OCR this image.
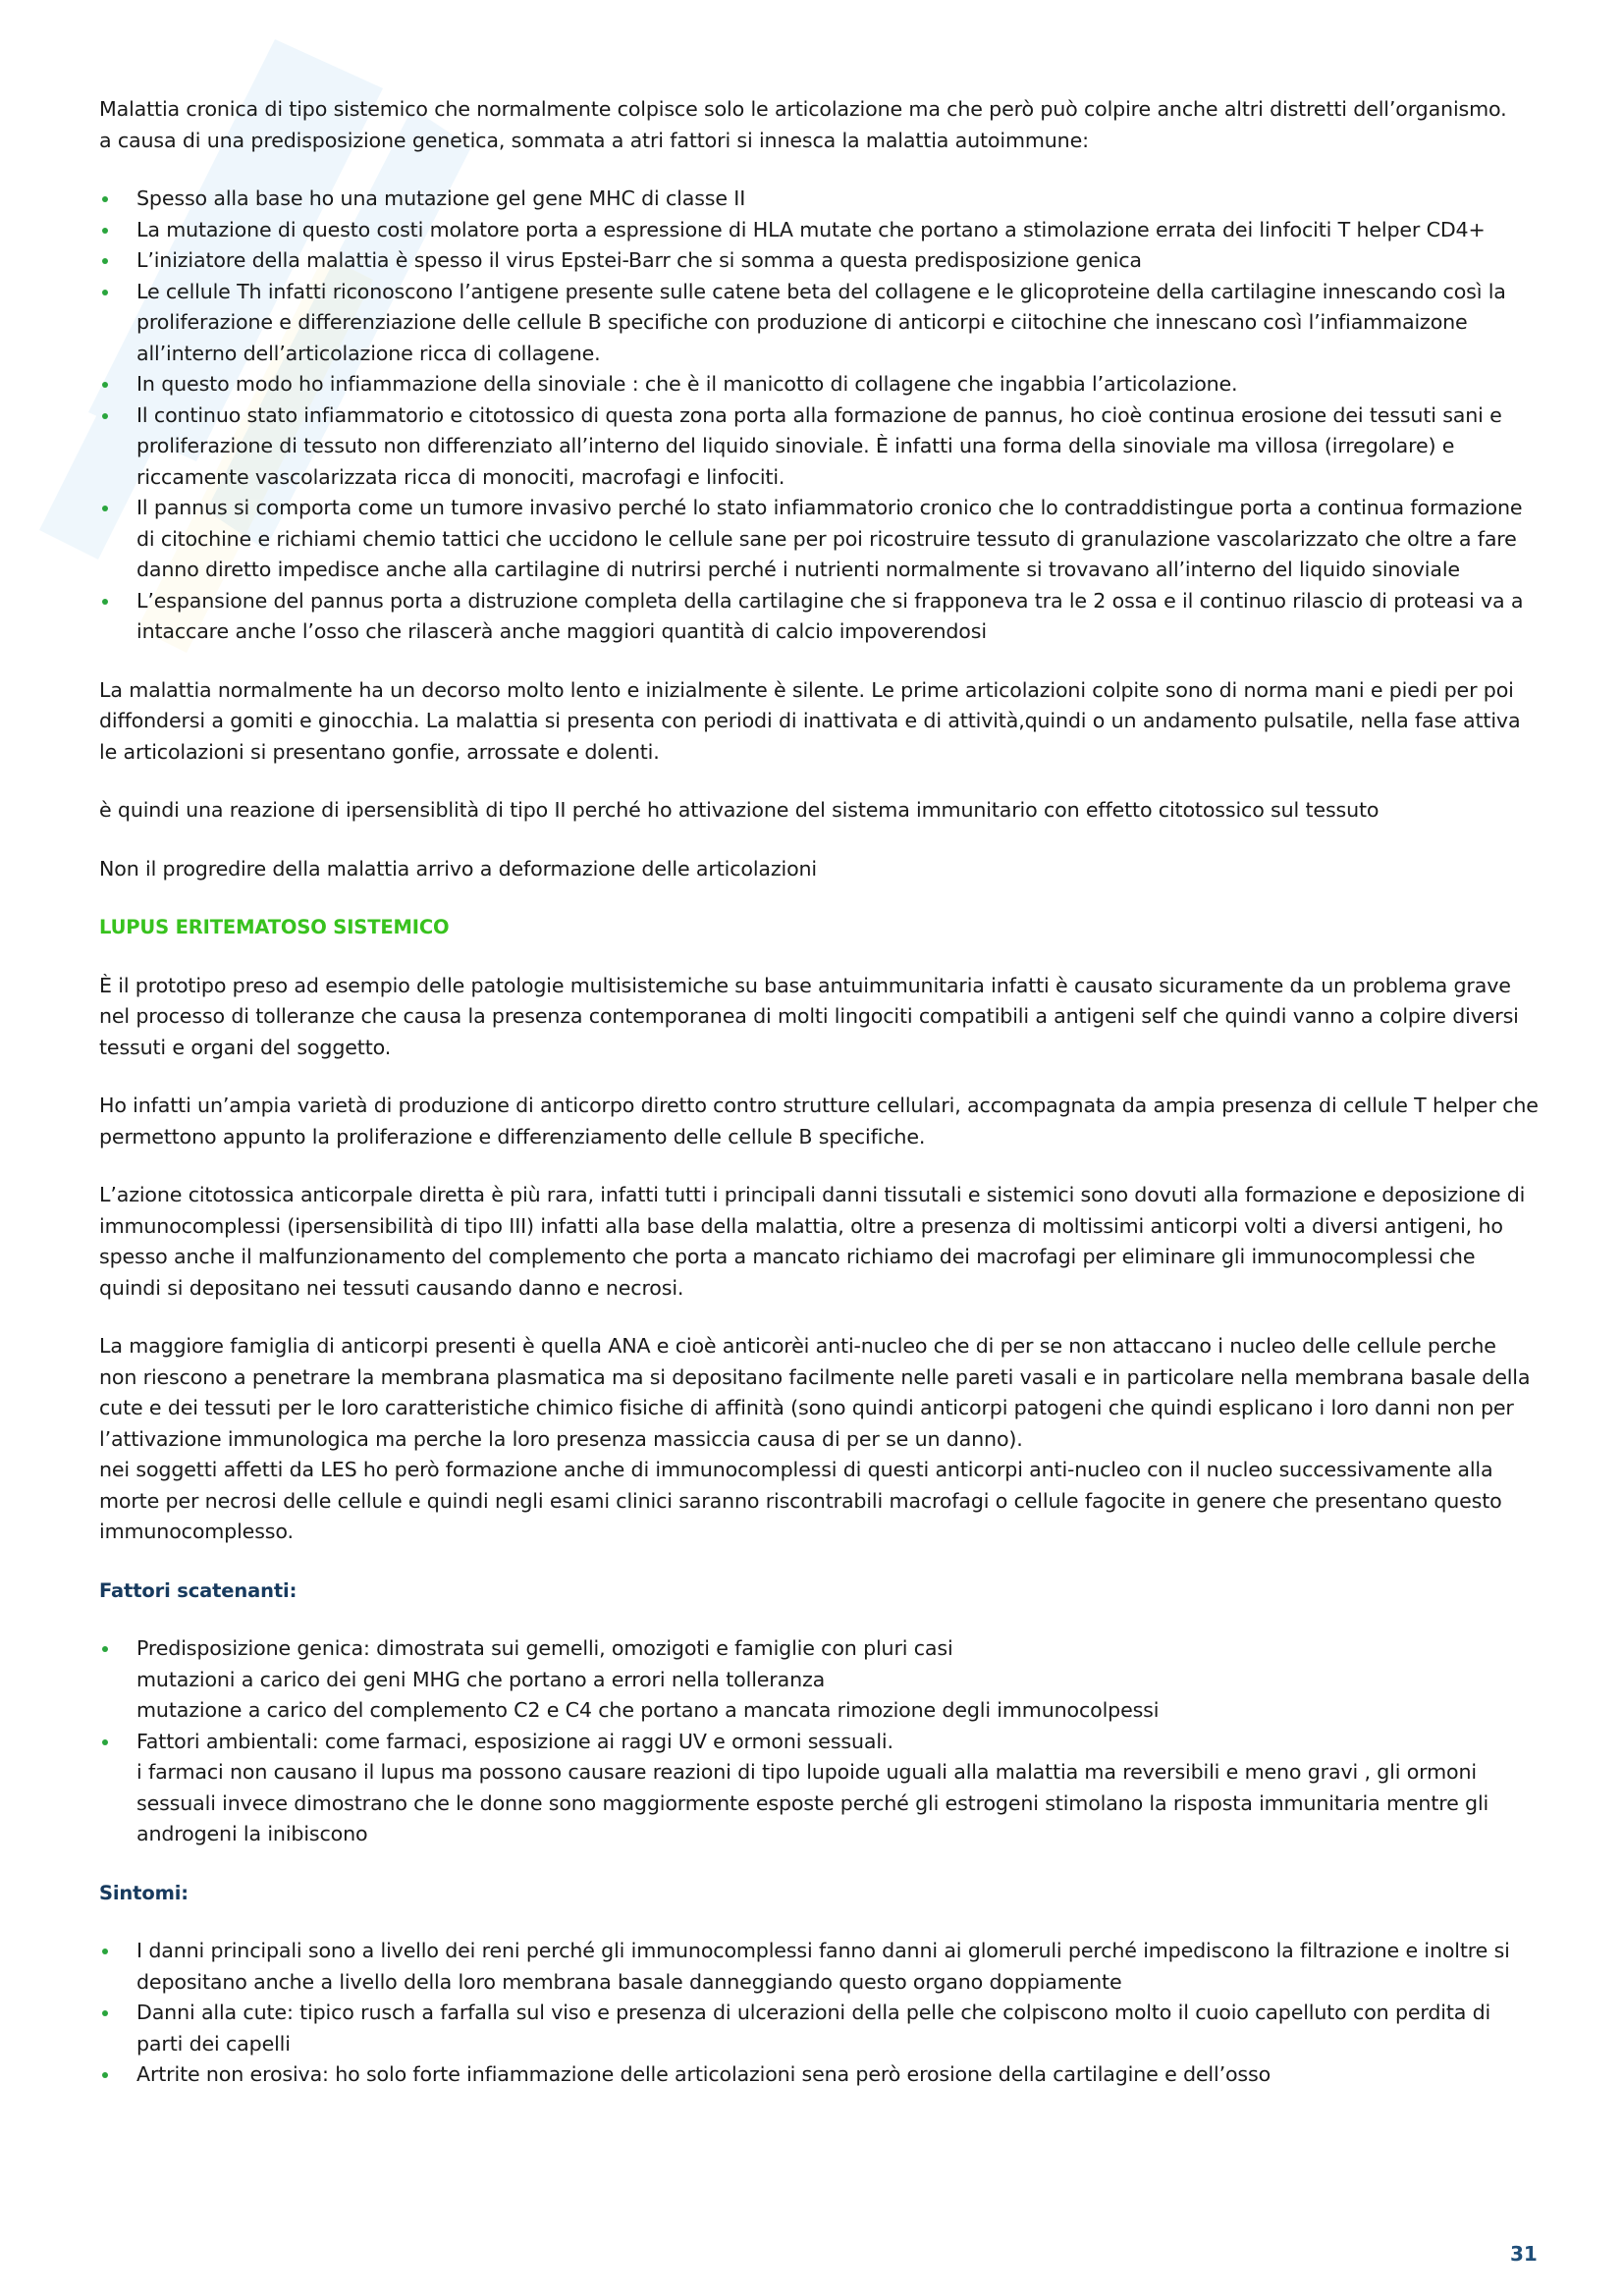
Malattia cronica di tipo sistemico che normalmente colpisce solo le articolazione ma che però può colpire anche altri distretti dell’organismo.

a causa di una predisposizione genetica, sommata a atri fattori si innesca la malattia autoimmune:

Spesso alla base ho una mutazione gel gene MHC di classe II
La mutazione di questo costi molatore porta a espressione di HLA mutate che portano a stimolazione errata dei linfociti T helper CD4+
L’iniziatore della malattia è spesso il virus Epstei-Barr che si somma a questa predisposizione genica
Le cellule Th infatti riconoscono l’antigene presente sulle catene beta del collagene e le glicoproteine della cartilagine innescando così la proliferazione e differenziazione delle cellule B specifiche con produzione di anticorpi e ciitochine che innescano così l’infiammaizone all’interno dell’articolazione ricca di collagene.
In questo modo ho infiammazione della sinoviale : che è il manicotto di collagene che ingabbia l’articolazione.
Il continuo stato infiammatorio e citotossico di questa zona porta alla formazione de pannus, ho cioè continua erosione dei tessuti sani e proliferazione di tessuto non differenziato all’interno del liquido sinoviale. È infatti una forma della sinoviale ma villosa (irregolare) e riccamente vascolarizzata ricca di monociti, macrofagi e linfociti.
Il pannus si comporta come un tumore invasivo perché lo stato infiammatorio cronico che lo contraddistingue porta a continua formazione di citochine e richiami chemio tattici che uccidono le cellule sane per poi ricostruire tessuto di granulazione vascolarizzato che oltre a fare danno diretto impedisce anche alla cartilagine di nutrirsi perché i nutrienti normalmente si trovavano all’interno del liquido sinoviale
L’espansione del pannus porta a distruzione completa della cartilagine che si frapponeva tra le 2 ossa e il continuo rilascio di proteasi va a intaccare anche l’osso che rilascerà anche maggiori quantità di calcio impoverendosi

La malattia normalmente ha un decorso molto lento e inizialmente è silente. Le prime articolazioni colpite sono di norma mani e piedi per poi diffondersi a gomiti e ginocchia. La malattia si presenta con periodi di inattivata e di attività,quindi o un andamento pulsatile, nella fase attiva le articolazioni si presentano gonfie, arrossate e dolenti.

è quindi una reazione di ipersensiblità di tipo II perché ho attivazione del sistema immunitario con effetto citotossico sul tessuto

Non il progredire della malattia arrivo a deformazione delle articolazioni

LUPUS ERITEMATOSO SISTEMICO

È il prototipo preso ad esempio delle patologie multisistemiche su base antuimmunitaria infatti è causato sicuramente da un problema grave nel processo di tolleranze che causa la presenza contemporanea di molti lingociti compatibili a antigeni self che quindi vanno a colpire diversi tessuti e organi del soggetto.

Ho infatti un’ampia varietà di produzione di anticorpo diretto contro strutture cellulari, accompagnata da ampia presenza di cellule T helper che permettono appunto la proliferazione e differenziamento delle cellule B specifiche.

L’azione citotossica anticorpale diretta è più rara, infatti tutti i principali danni tissutali e sistemici sono dovuti alla formazione e deposizione di immunocomplessi (ipersensibilità di tipo III) infatti alla base della malattia, oltre a presenza di moltissimi anticorpi volti a diversi antigeni, ho spesso anche il malfunzionamento del complemento che porta a mancato richiamo dei macrofagi per eliminare gli immunocomplessi che quindi si depositano nei tessuti causando danno e necrosi.

La maggiore famiglia di anticorpi presenti è quella ANA e cioè anticorèi anti-nucleo che di per se non attaccano i nucleo delle cellule perche non riescono a penetrare la membrana plasmatica ma si depositano facilmente nelle pareti vasali e in particolare nella membrana basale della cute e dei tessuti per le loro caratteristiche chimico fisiche di affinità (sono quindi anticorpi patogeni che quindi esplicano i loro danni non per l’attivazione immunologica ma perche la loro presenza massiccia causa di per se un danno).

nei soggetti affetti da LES ho però formazione anche di immunocomplessi di questi anticorpi anti-nucleo con il nucleo successivamente alla morte per necrosi delle cellule e quindi negli esami clinici saranno riscontrabili macrofagi o cellule fagocite in genere che presentano questo immunocomplesso.

Fattori scatenanti:
Predisposizione genica: dimostrata sui gemelli, omozigoti e famiglie con pluri casi
mutazioni a carico dei geni MHG che portano a errori nella tolleranza
mutazione a carico del complemento C2 e C4 che portano a mancata rimozione degli immunocolpessi
Fattori ambientali: come farmaci, esposizione ai raggi UV e ormoni sessuali.
i farmaci non causano il lupus ma possono causare reazioni di tipo lupoide uguali alla malattia ma reversibili e meno gravi , gli ormoni sessuali invece dimostrano che le donne sono maggiormente esposte perché gli estrogeni stimolano la risposta immunitaria mentre gli androgeni la inibiscono
Sintomi:
I danni principali sono a livello dei reni perché gli immunocomplessi fanno danni ai glomeruli perché impediscono la filtrazione e inoltre si depositano anche a livello della loro membrana basale danneggiando questo organo doppiamente
Danni alla cute: tipico rusch a farfalla sul viso e presenza di ulcerazioni della pelle che colpiscono molto il cuoio capelluto con perdita di parti dei capelli
Artrite non erosiva: ho solo forte infiammazione delle articolazioni sena però erosione della cartilagine e dell’osso
31
